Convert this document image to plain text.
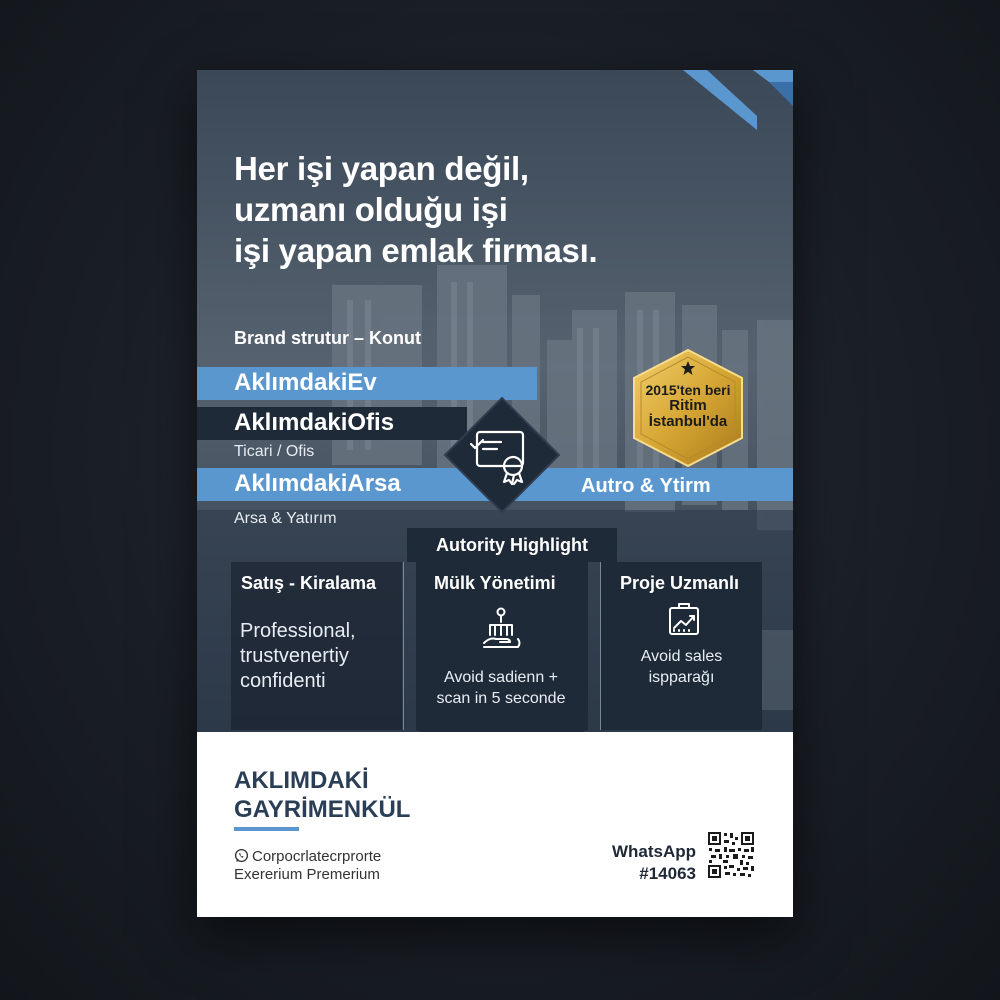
Her işi yapan değil,
uzmanı olduğu işi
işi yapan emlak firması.
Brand strutur – Konut
AklımdakiEv
AklımdakiOfis
Ticari / Ofis
AklımdakiArsa
Arsa & Yatırım
Autro & Ytirm
2015'ten beri
Ritim
İstanbul'da
Autority Highlight
Satış - Kiralama
Professional,
trustvenertiy
confidenti
Mülk Yönetimi
Avoid sadienn +
scan in 5 seconde
Proje Uzmanlı
Avoid sales
ispparağı
AKLIMDAKİ
GAYRİMENKÜL
Corpocrlatecrprorte
Exererium Premerium
WhatsApp
#14063
